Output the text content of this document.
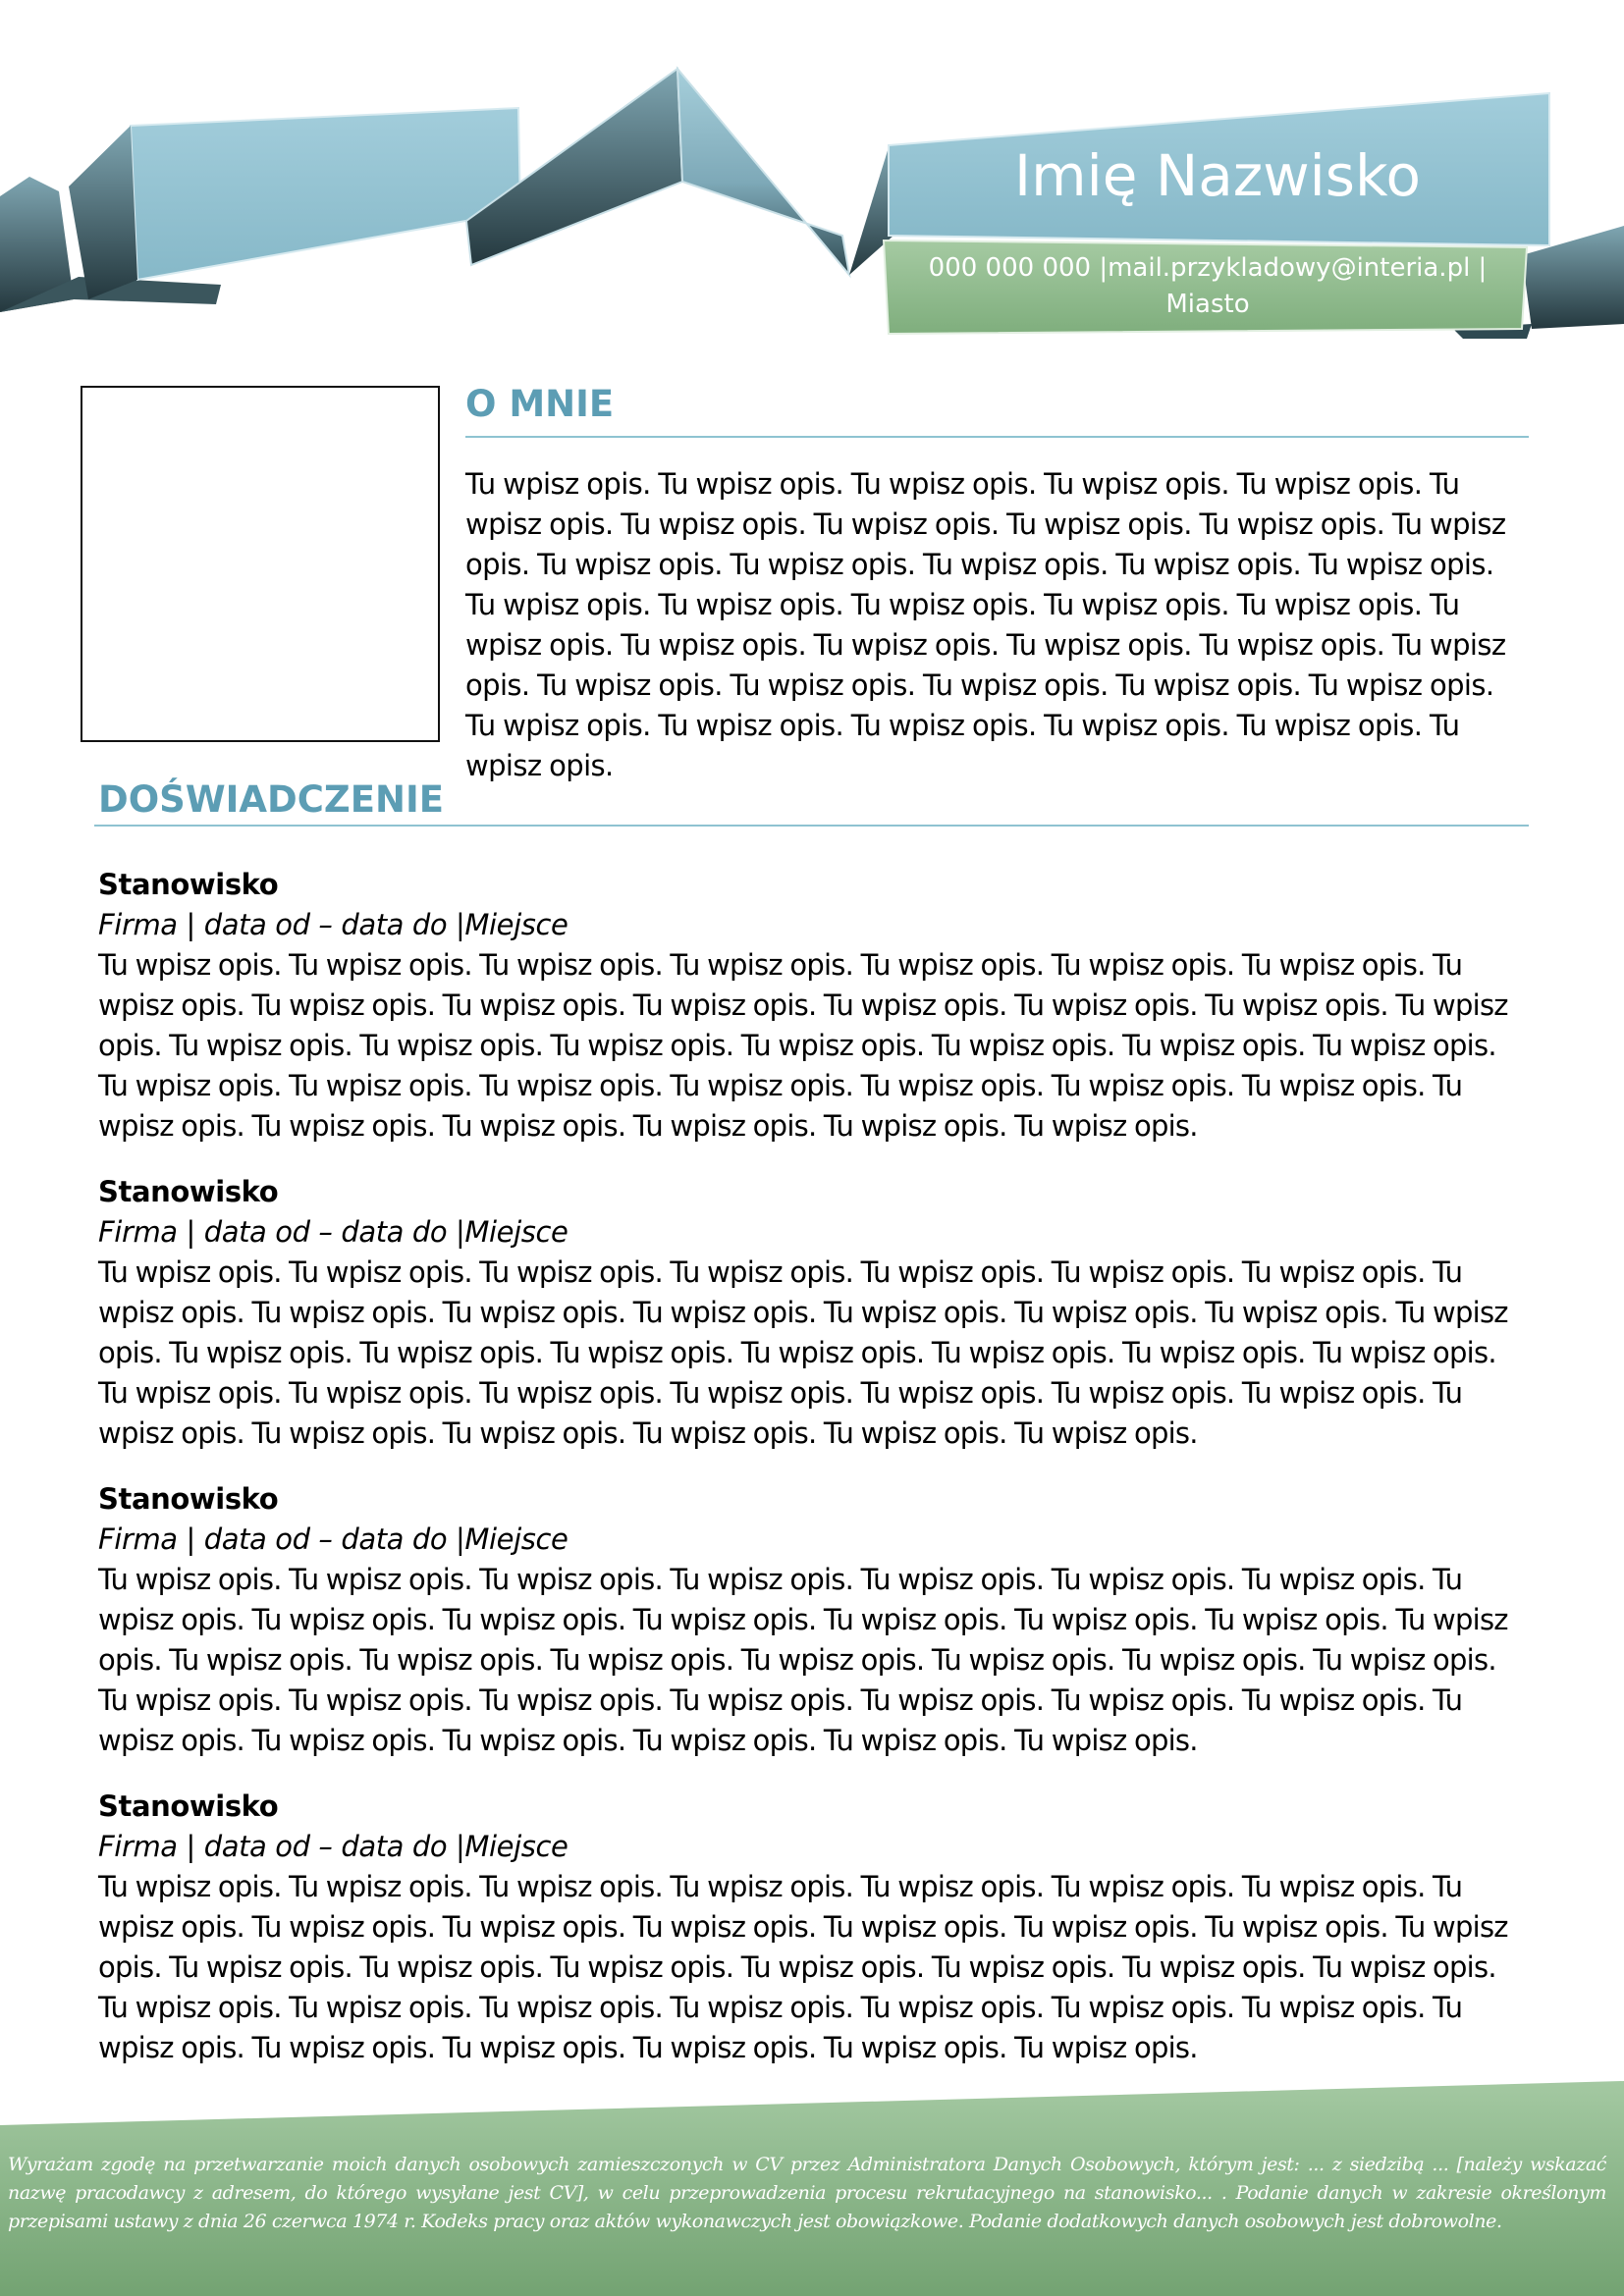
Imię Nazwisko
000 000 000 |mail.przykladowy@interia.pl | Miasto
O MNIE
Tu wpisz opis. Tu wpisz opis. Tu wpisz opis. Tu wpisz opis. Tu wpisz opis. Tu wpisz opis. Tu wpisz opis. Tu wpisz opis. Tu wpisz opis. Tu wpisz opis. Tu wpisz opis. Tu wpisz opis. Tu wpisz opis. Tu wpisz opis. Tu wpisz opis. Tu wpisz opis. Tu wpisz opis. Tu wpisz opis. Tu wpisz opis. Tu wpisz opis. Tu wpisz opis. Tu wpisz opis. Tu wpisz opis. Tu wpisz opis. Tu wpisz opis. Tu wpisz opis. Tu wpisz opis. Tu wpisz opis. Tu wpisz opis. Tu wpisz opis. Tu wpisz opis. Tu wpisz opis. Tu wpisz opis. Tu wpisz opis. Tu wpisz opis. Tu wpisz opis. Tu wpisz opis. Tu wpisz opis.
DOŚWIADCZENIE
Stanowisko
Firma | data od – data do |Miejsce
Tu wpisz opis. Tu wpisz opis. Tu wpisz opis. Tu wpisz opis. Tu wpisz opis. Tu wpisz opis. Tu wpisz opis. Tu wpisz opis. Tu wpisz opis. Tu wpisz opis. Tu wpisz opis. Tu wpisz opis. Tu wpisz opis. Tu wpisz opis. Tu wpisz opis. Tu wpisz opis. Tu wpisz opis. Tu wpisz opis. Tu wpisz opis. Tu wpisz opis. Tu wpisz opis. Tu wpisz opis. Tu wpisz opis. Tu wpisz opis. Tu wpisz opis. Tu wpisz opis. Tu wpisz opis. Tu wpisz opis. Tu wpisz opis. Tu wpisz opis. Tu wpisz opis. Tu wpisz opis. Tu wpisz opis. Tu wpisz opis. Tu wpisz opis.
Stanowisko
Firma | data od – data do |Miejsce
Tu wpisz opis. Tu wpisz opis. Tu wpisz opis. Tu wpisz opis. Tu wpisz opis. Tu wpisz opis. Tu wpisz opis. Tu wpisz opis. Tu wpisz opis. Tu wpisz opis. Tu wpisz opis. Tu wpisz opis. Tu wpisz opis. Tu wpisz opis. Tu wpisz opis. Tu wpisz opis. Tu wpisz opis. Tu wpisz opis. Tu wpisz opis. Tu wpisz opis. Tu wpisz opis. Tu wpisz opis. Tu wpisz opis. Tu wpisz opis. Tu wpisz opis. Tu wpisz opis. Tu wpisz opis. Tu wpisz opis. Tu wpisz opis. Tu wpisz opis. Tu wpisz opis. Tu wpisz opis. Tu wpisz opis. Tu wpisz opis. Tu wpisz opis.
Stanowisko
Firma | data od – data do |Miejsce
Tu wpisz opis. Tu wpisz opis. Tu wpisz opis. Tu wpisz opis. Tu wpisz opis. Tu wpisz opis. Tu wpisz opis. Tu wpisz opis. Tu wpisz opis. Tu wpisz opis. Tu wpisz opis. Tu wpisz opis. Tu wpisz opis. Tu wpisz opis. Tu wpisz opis. Tu wpisz opis. Tu wpisz opis. Tu wpisz opis. Tu wpisz opis. Tu wpisz opis. Tu wpisz opis. Tu wpisz opis. Tu wpisz opis. Tu wpisz opis. Tu wpisz opis. Tu wpisz opis. Tu wpisz opis. Tu wpisz opis. Tu wpisz opis. Tu wpisz opis. Tu wpisz opis. Tu wpisz opis. Tu wpisz opis. Tu wpisz opis. Tu wpisz opis.
Stanowisko
Firma | data od – data do |Miejsce
Tu wpisz opis. Tu wpisz opis. Tu wpisz opis. Tu wpisz opis. Tu wpisz opis. Tu wpisz opis. Tu wpisz opis. Tu wpisz opis. Tu wpisz opis. Tu wpisz opis. Tu wpisz opis. Tu wpisz opis. Tu wpisz opis. Tu wpisz opis. Tu wpisz opis. Tu wpisz opis. Tu wpisz opis. Tu wpisz opis. Tu wpisz opis. Tu wpisz opis. Tu wpisz opis. Tu wpisz opis. Tu wpisz opis. Tu wpisz opis. Tu wpisz opis. Tu wpisz opis. Tu wpisz opis. Tu wpisz opis. Tu wpisz opis. Tu wpisz opis. Tu wpisz opis. Tu wpisz opis. Tu wpisz opis. Tu wpisz opis. Tu wpisz opis.
Wyrażam zgodę na przetwarzanie moich danych osobowych zamieszczonych w CV przez Administratora Danych Osobowych, którym jest: ... z siedzibą ... [należy wskazać nazwę pracodawcy z adresem, do którego wysyłane jest CV], w celu przeprowadzenia procesu rekrutacyjnego na stanowisko... . Podanie danych w zakresie określonym przepisami ustawy z dnia 26 czerwca 1974 r. Kodeks pracy oraz aktów wykonawczych jest obowiązkowe. Podanie dodatkowych danych osobowych jest dobrowolne.
